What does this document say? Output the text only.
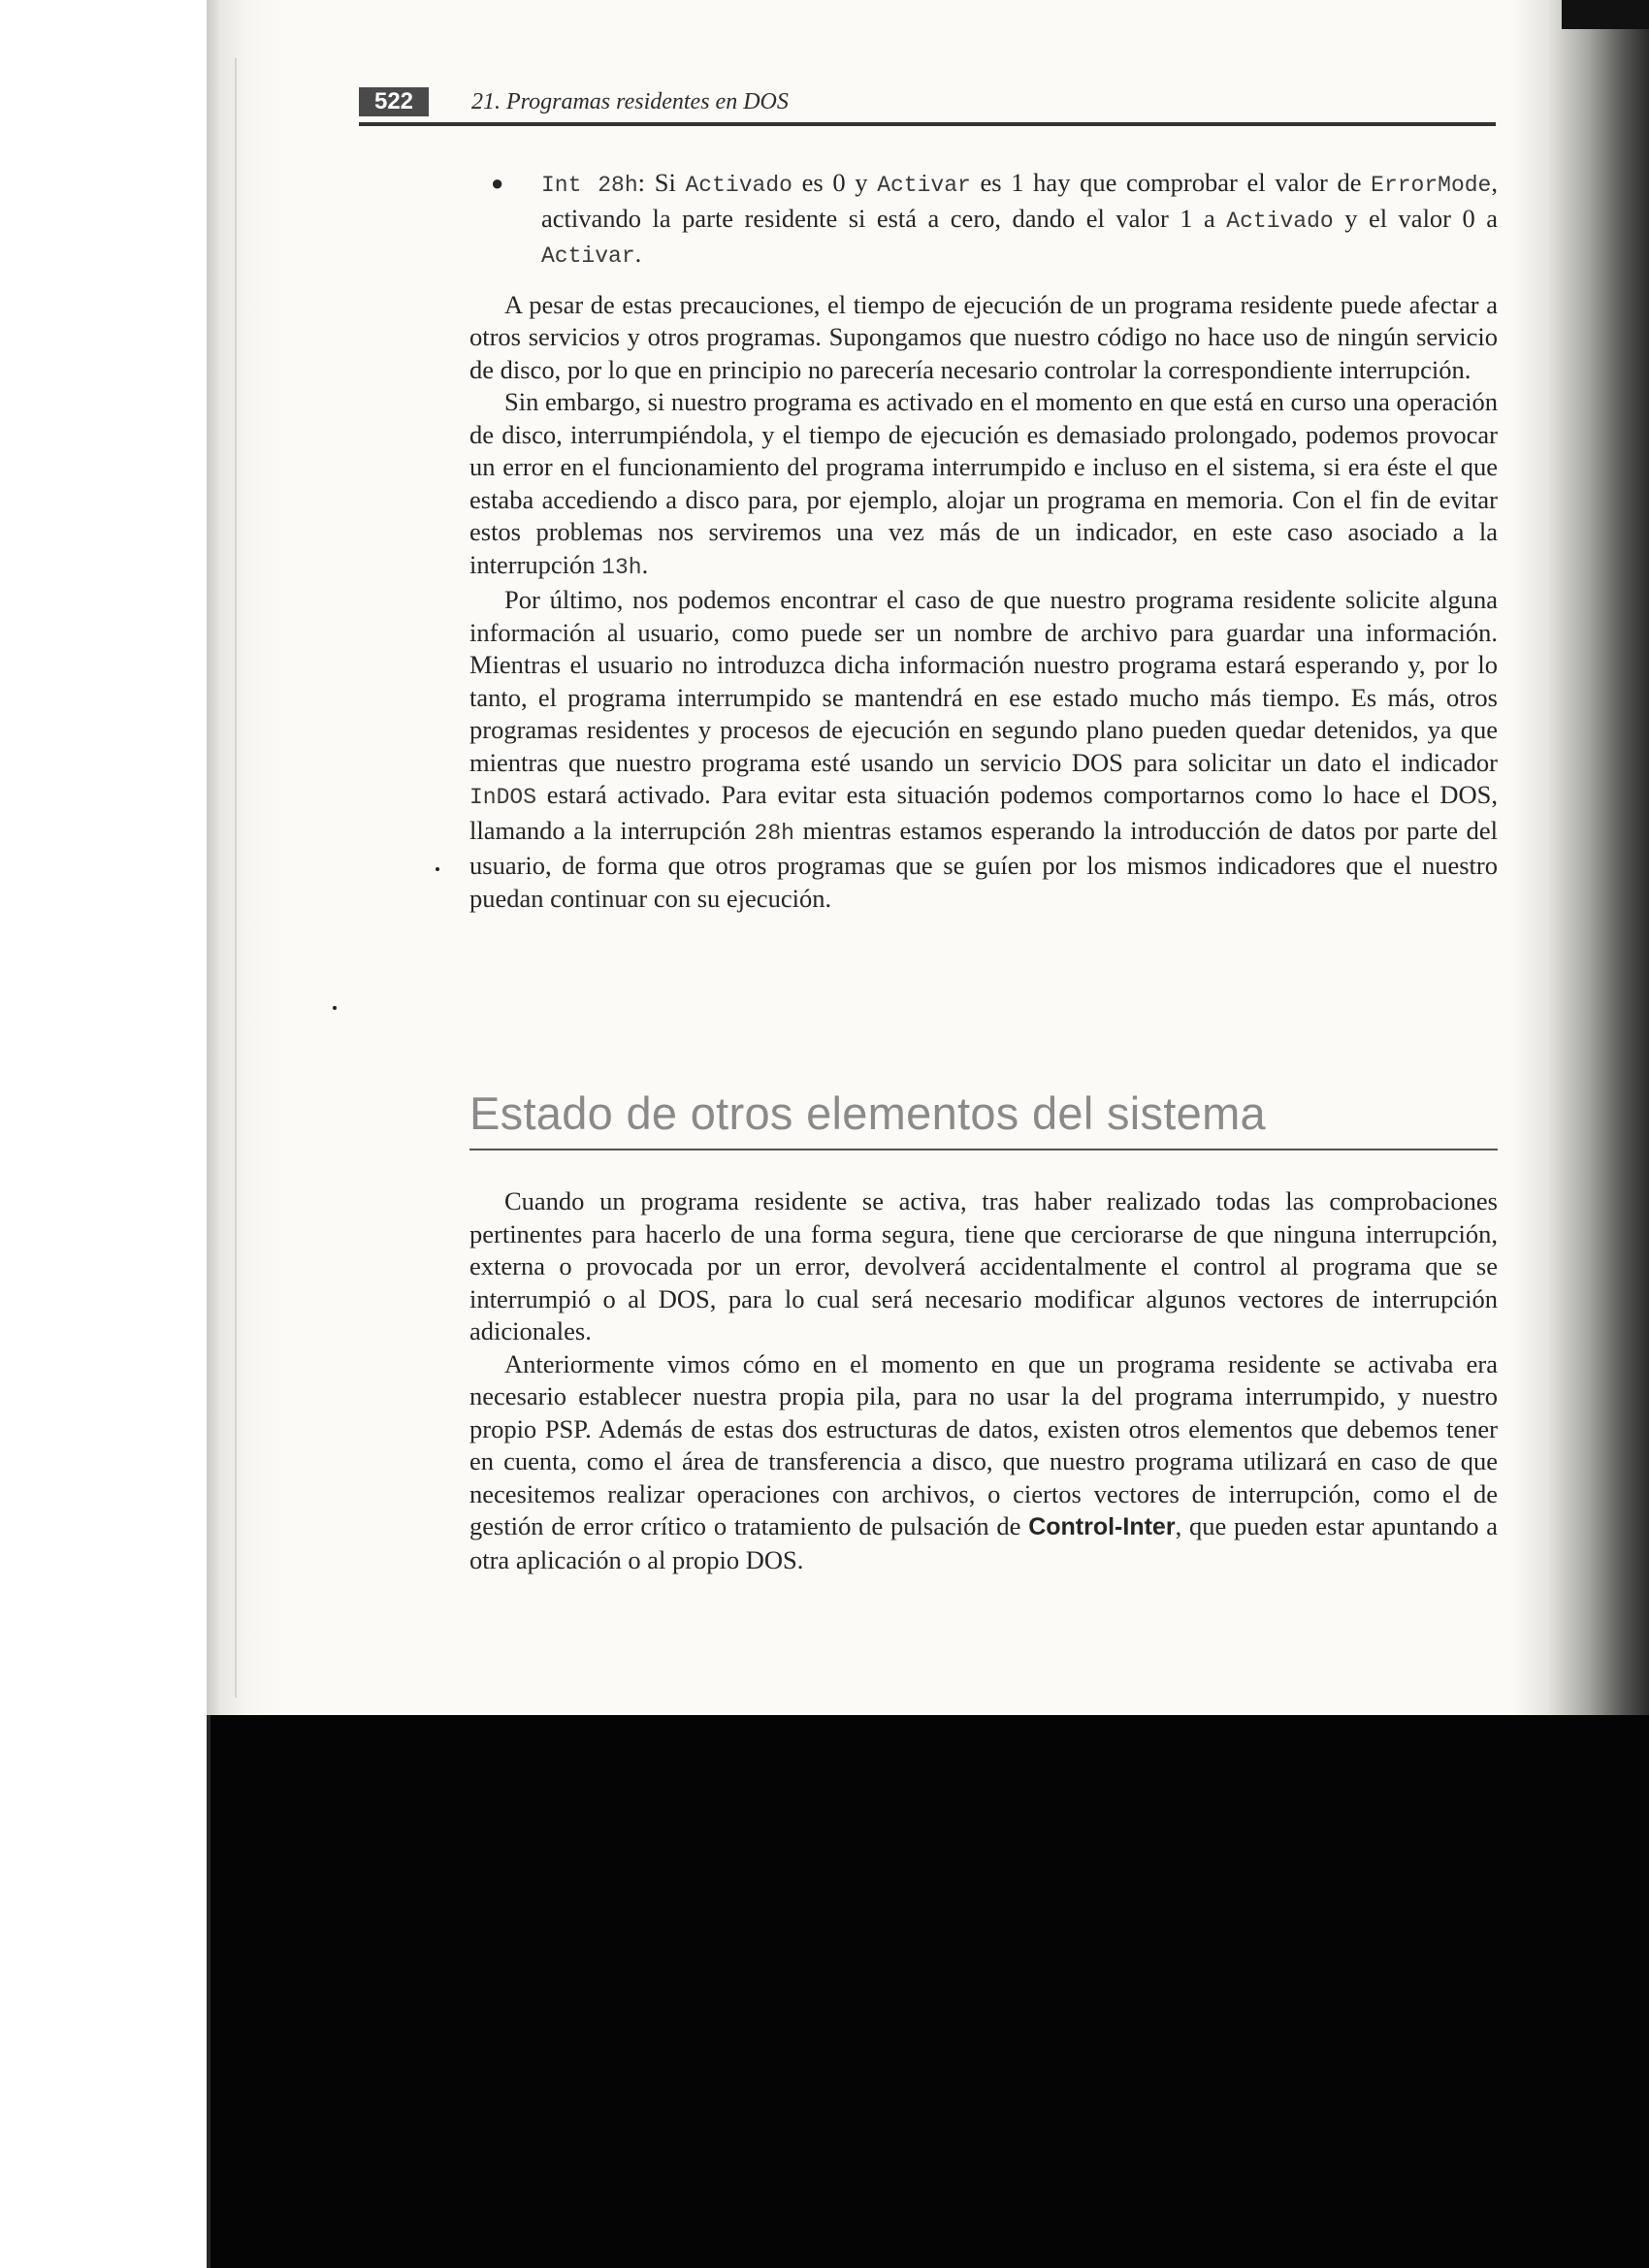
522	21. Programas residentes en DOS
● Int 28h: Si Activado es 0 y Activar es 1 hay que comprobar el valor de ErrorMode, activando la parte residente si está a cero, dando el valor 1 a Activado y el valor 0 a Activar.

A pesar de estas precauciones, el tiempo de ejecución de un programa residente puede afectar a otros servicios y otros programas. Supongamos que nuestro código no hace uso de ningún servicio de disco, por lo que en principio no parecería necesario controlar la correspondiente interrupción.

Sin embargo, si nuestro programa es activado en el momento en que está en curso una operación de disco, interrumpiéndola, y el tiempo de ejecución es demasiado prolongado, podemos provocar un error en el funcionamiento del programa interrumpido e incluso en el sistema, si era éste el que estaba accediendo a disco para, por ejemplo, alojar un programa en memoria. Con el fin de evitar estos problemas nos serviremos una vez más de un indicador, en este caso asociado a la interrupción 13h.

Por último, nos podemos encontrar el caso de que nuestro programa residente solicite alguna información al usuario, como puede ser un nombre de archivo para guardar una información. Mientras el usuario no introduzca dicha información nuestro programa estará esperando y, por lo tanto, el programa interrumpido se mantendrá en ese estado mucho más tiempo. Es más, otros programas residentes y procesos de ejecución en segundo plano pueden quedar detenidos, ya que mientras que nuestro programa esté usando un servicio DOS para solicitar un dato el indicador InDOS estará activado. Para evitar esta situación podemos comportarnos como lo hace el DOS, llamando a la interrupción 28h mientras estamos esperando la introducción de datos por parte del usuario, de forma que otros programas que se guíen por los mismos indicadores que el nuestro puedan continuar con su ejecución.

Estado de otros elementos del sistema

Cuando un programa residente se activa, tras haber realizado todas las comprobaciones pertinentes para hacerlo de una forma segura, tiene que cerciorarse de que ninguna interrupción, externa o provocada por un error, devolverá accidentalmente el control al programa que se interrumpió o al DOS, para lo cual será necesario modificar algunos vectores de interrupción adicionales.

Anteriormente vimos cómo en el momento en que un programa residente se activaba era necesario establecer nuestra propia pila, para no usar la del programa interrumpido, y nuestro propio PSP. Además de estas dos estructuras de datos, existen otros elementos que debemos tener en cuenta, como el área de transferencia a disco, que nuestro programa utilizará en caso de que necesitemos realizar operaciones con archivos, o ciertos vectores de interrupción, como el de gestión de error crítico o tratamiento de pulsación de Control-Inter, que pueden estar apuntando a otra aplicación o al propio DOS.
